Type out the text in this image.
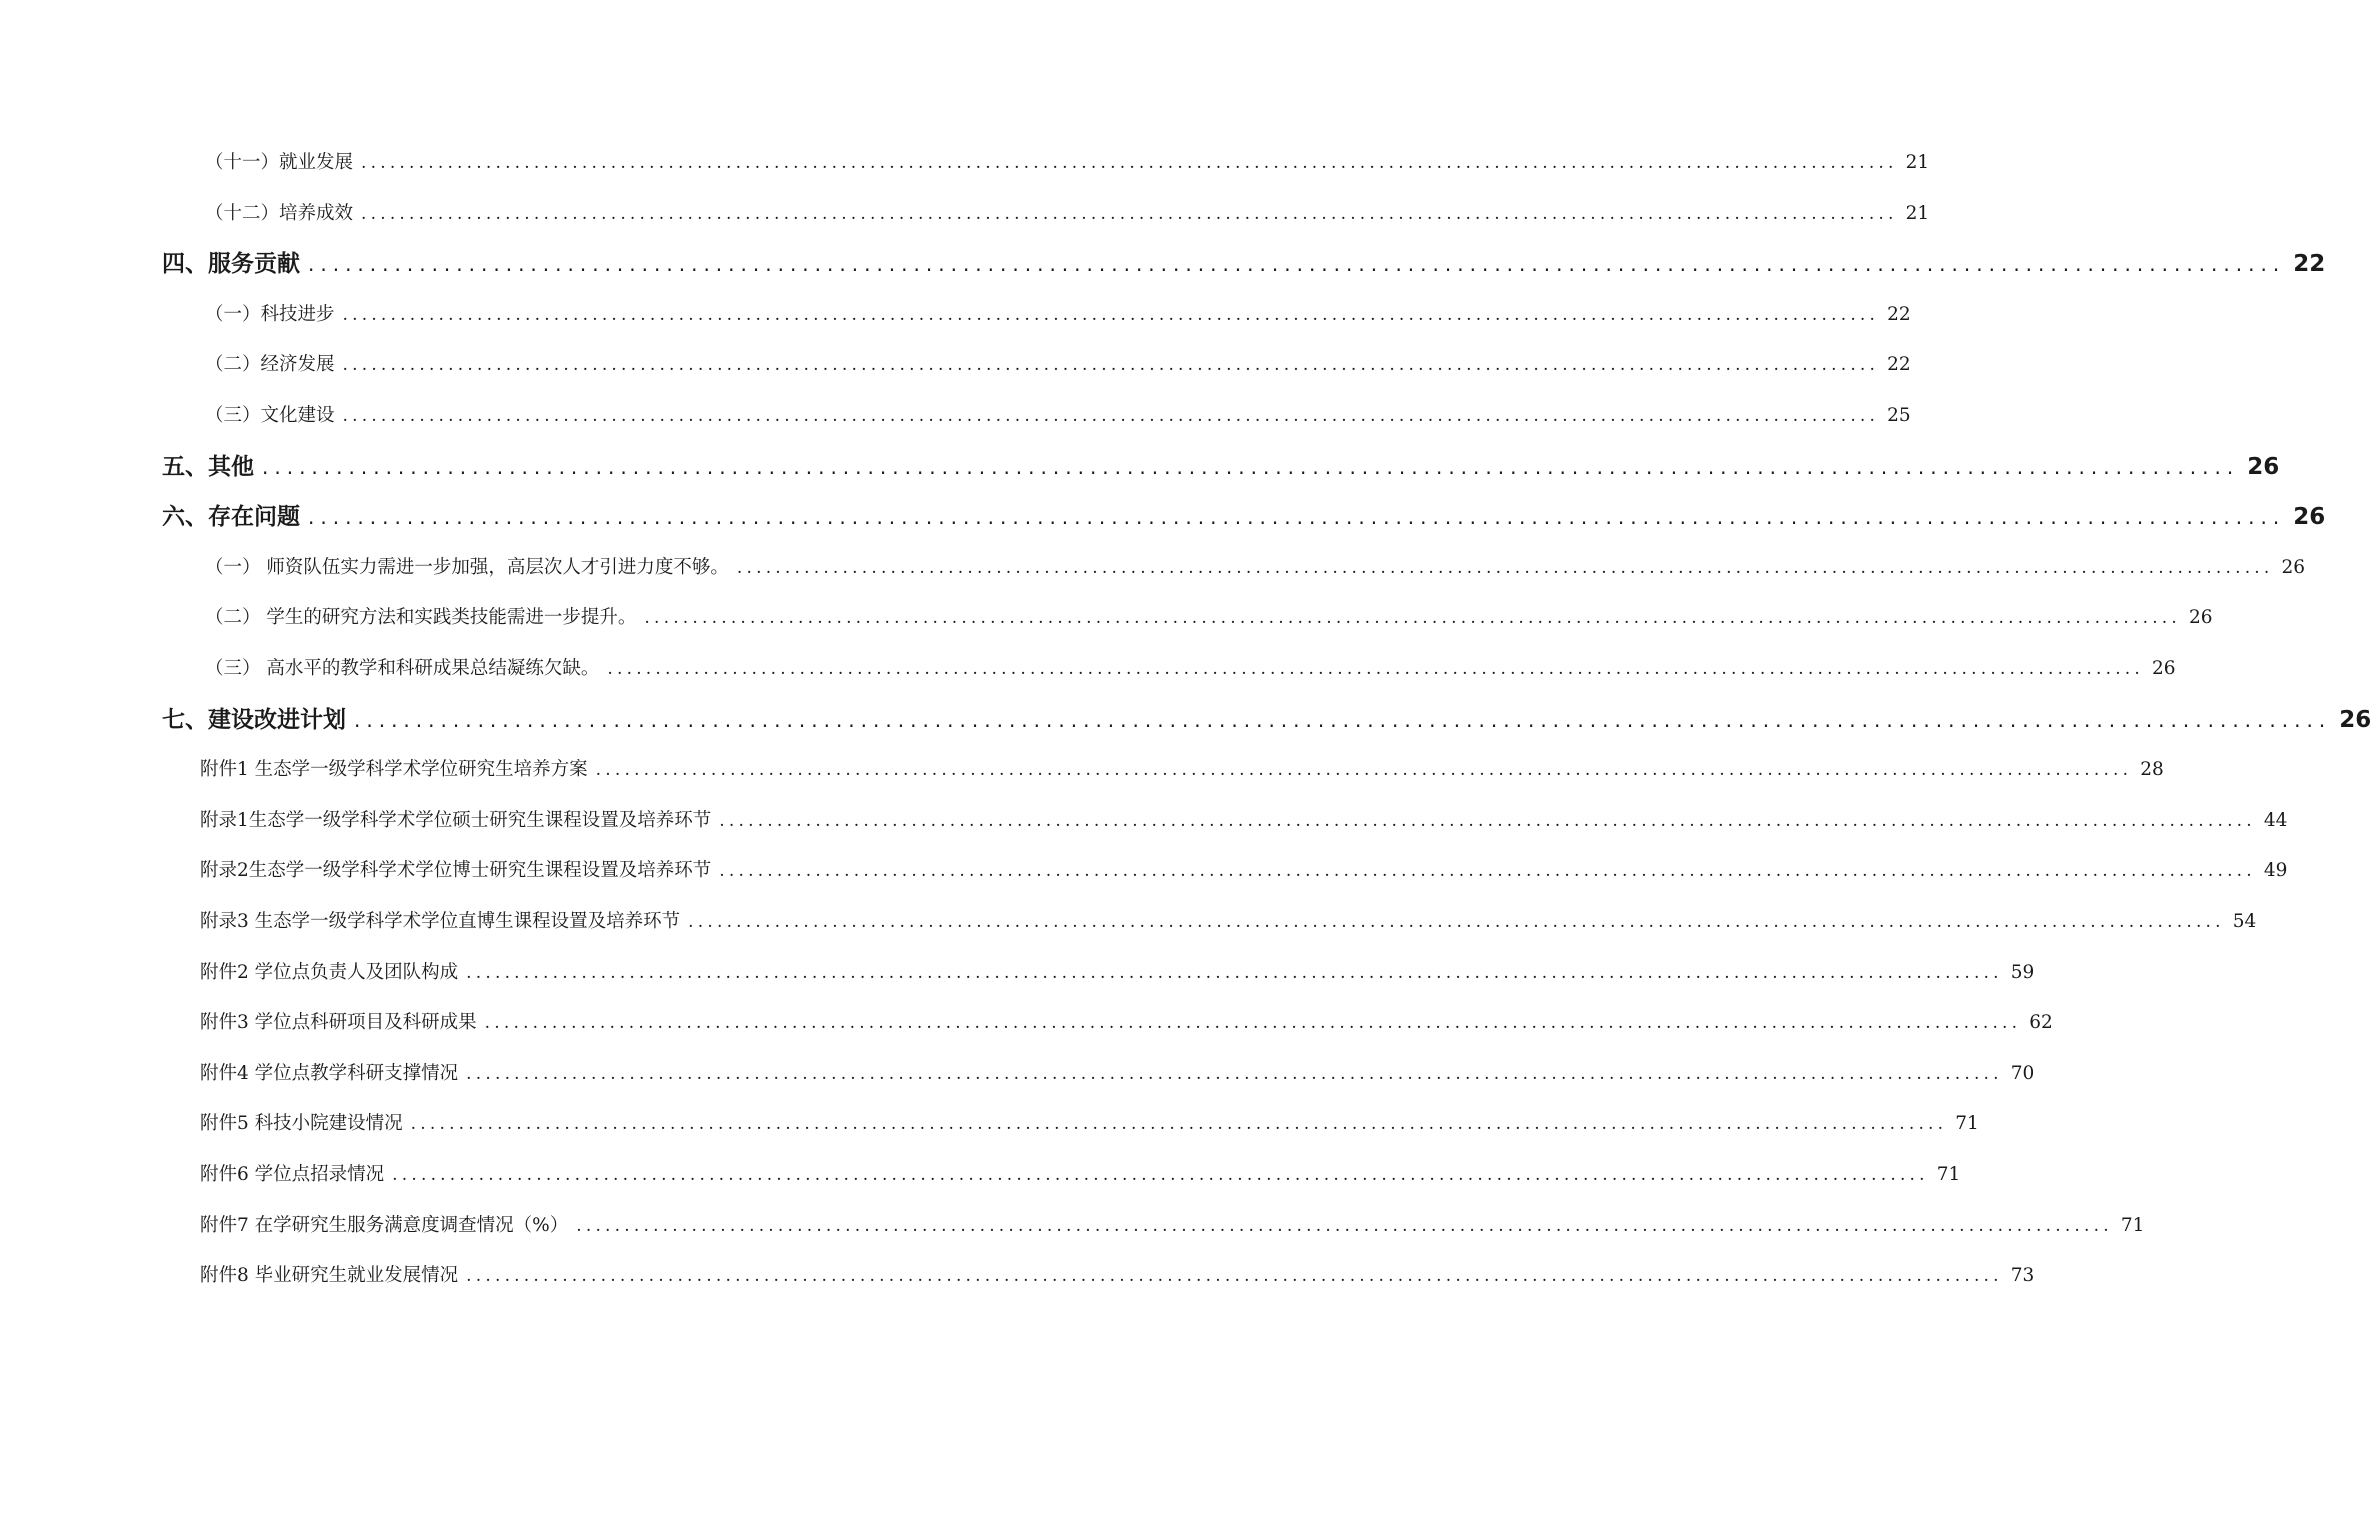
（十一）就业发展 ................................................................................................................................................................ 21
（十二）培养成效 ................................................................................................................................................................ 21
四、服务贡献 ................................................................................................................................................................ 22
（一）科技进步 ................................................................................................................................................................ 22
（二）经济发展 ................................................................................................................................................................ 22
（三）文化建设 ................................................................................................................................................................ 25
五、其他 ................................................................................................................................................................ 26
六、存在问题 ................................................................................................................................................................ 26
（一） 师资队伍实力需进一步加强，高层次人才引进力度不够。 ................................................................................................................................................................ 26
（二） 学生的研究方法和实践类技能需进一步提升。 ................................................................................................................................................................ 26
（三） 高水平的教学和科研成果总结凝练欠缺。 ................................................................................................................................................................ 26
七、建设改进计划 ................................................................................................................................................................ 26
附件1 生态学一级学科学术学位研究生培养方案 ................................................................................................................................................................ 28
附录1生态学一级学科学术学位硕士研究生课程设置及培养环节 ................................................................................................................................................................ 44
附录2生态学一级学科学术学位博士研究生课程设置及培养环节 ................................................................................................................................................................ 49
附录3 生态学一级学科学术学位直博生课程设置及培养环节 ................................................................................................................................................................ 54
附件2 学位点负责人及团队构成 ................................................................................................................................................................ 59
附件3 学位点科研项目及科研成果 ................................................................................................................................................................ 62
附件4 学位点教学科研支撑情况 ................................................................................................................................................................ 70
附件5 科技小院建设情况 ................................................................................................................................................................ 71
附件6 学位点招录情况 ................................................................................................................................................................ 71
附件7 在学研究生服务满意度调查情况（%） ................................................................................................................................................................ 71
附件8 毕业研究生就业发展情况 ................................................................................................................................................................ 73
